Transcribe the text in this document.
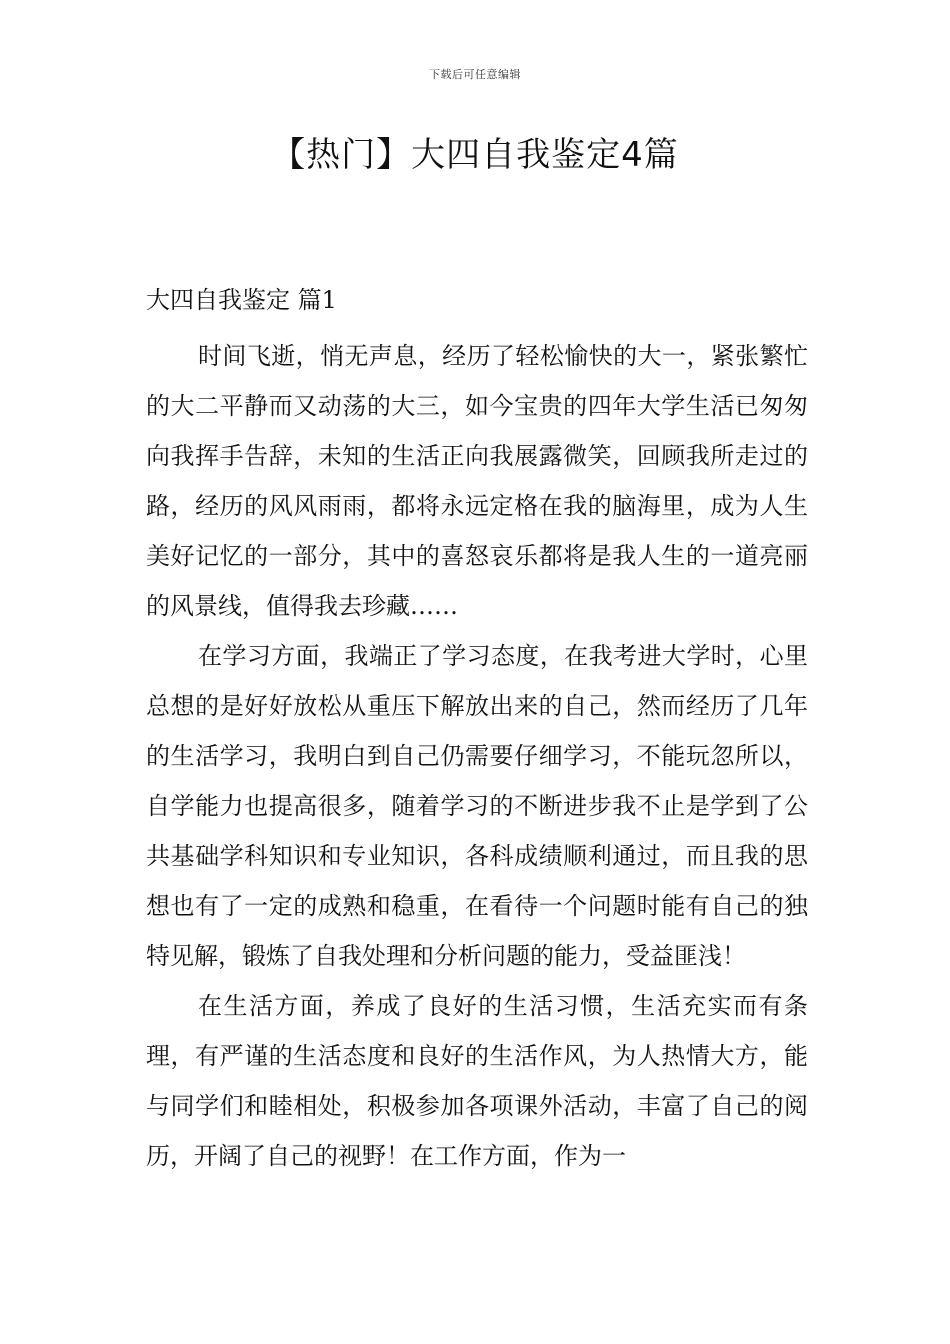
下载后可任意编辑
【热门】大四自我鉴定4篇
大四自我鉴定 篇1

时间飞逝，悄无声息，经历了轻松愉快的大一，紧张繁忙的大二平静而又动荡的大三，如今宝贵的四年大学生活已匆匆向我挥手告辞，未知的生活正向我展露微笑，回顾我所走过的路，经历的风风雨雨，都将永远定格在我的脑海里，成为人生美好记忆的一部分，其中的喜怒哀乐都将是我人生的一道亮丽的风景线，值得我去珍藏……

在学习方面，我端正了学习态度，在我考进大学时，心里总想的是好好放松从重压下解放出来的自己，然而经历了几年的生活学习，我明白到自己仍需要仔细学习，不能玩忽所以，自学能力也提高很多，随着学习的不断进步我不止是学到了公共基础学科知识和专业知识，各科成绩顺利通过，而且我的思想也有了一定的成熟和稳重，在看待一个问题时能有自己的独特见解，锻炼了自我处理和分析问题的能力，受益匪浅！

在生活方面，养成了良好的生活习惯，生活充实而有条理，有严谨的生活态度和良好的生活作风，为人热情大方，能与同学们和睦相处，积极参加各项课外活动，丰富了自己的阅历，开阔了自己的视野！在工作方面，作为一
